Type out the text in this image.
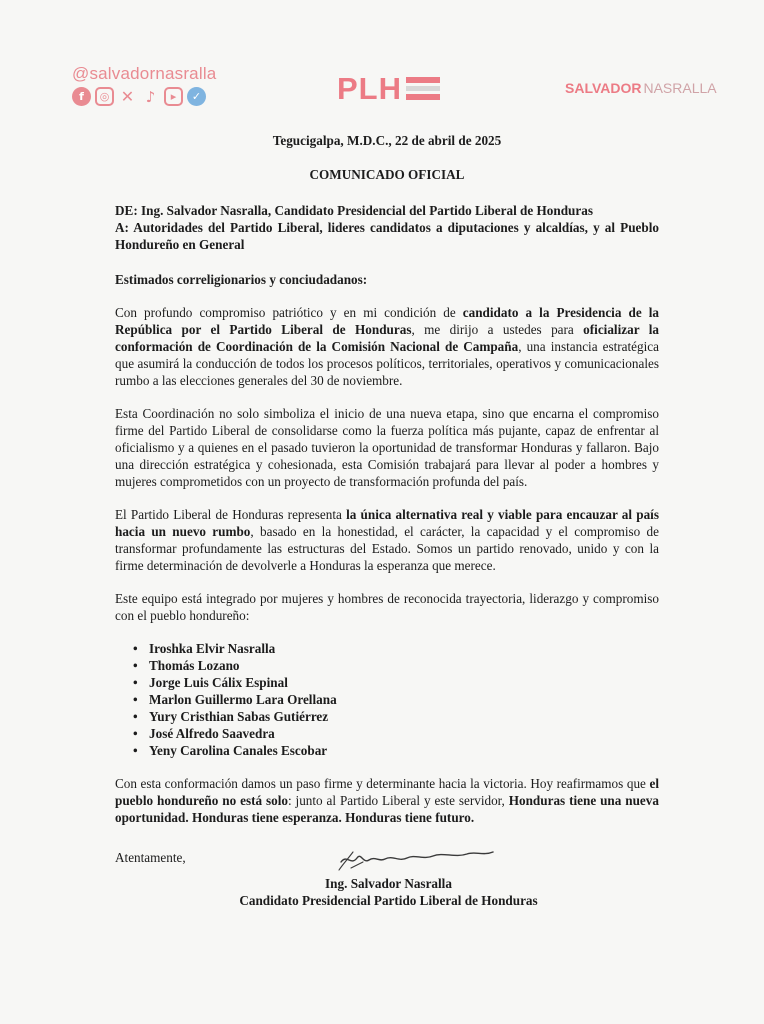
@salvadornasralla
f	◎ ✕ ♪	▸	✓	PLH	SALVADOR NASRALLA
Tegucigalpa, M.D.C., 22 de abril de 2025
COMUNICADO OFICIAL
DE: Ing. Salvador Nasralla, Candidato Presidencial del Partido Liberal de Honduras
A: Autoridades del Partido Liberal, lideres candidatos a diputaciones y alcaldías, y al Pueblo Hondureño en General
Estimados correligionarios y conciudadanos:
Con profundo compromiso patriótico y en mi condición de candidato a la Presidencia de la República por el Partido Liberal de Honduras, me dirijo a ustedes para oficializar la conformación de Coordinación de la Comisión Nacional de Campaña, una instancia estratégica que asumirá la conducción de todos los procesos políticos, territoriales, operativos y comunicacionales rumbo a las elecciones generales del 30 de noviembre.
Esta Coordinación no solo simboliza el inicio de una nueva etapa, sino que encarna el compromiso firme del Partido Liberal de consolidarse como la fuerza política más pujante, capaz de enfrentar al oficialismo y a quienes en el pasado tuvieron la oportunidad de transformar Honduras y fallaron. Bajo una dirección estratégica y cohesionada, esta Comisión trabajará para llevar al poder a hombres y mujeres comprometidos con un proyecto de transformación profunda del país.
El Partido Liberal de Honduras representa la única alternativa real y viable para encauzar al país hacia un nuevo rumbo, basado en la honestidad, el carácter, la capacidad y el compromiso de transformar profundamente las estructuras del Estado. Somos un partido renovado, unido y con la firme determinación de devolverle a Honduras la esperanza que merece.
Este equipo está integrado por mujeres y hombres de reconocida trayectoria, liderazgo y compromiso con el pueblo hondureño:
• Iroshka Elvir Nasralla
• Thomás Lozano
• Jorge Luis Cálix Espinal
• Marlon Guillermo Lara Orellana
• Yury Cristhian Sabas Gutiérrez
• José Alfredo Saavedra
• Yeny Carolina Canales Escobar
Con esta conformación damos un paso firme y determinante hacia la victoria. Hoy reafirmamos que el pueblo hondureño no está solo: junto al Partido Liberal y este servidor, Honduras tiene una nueva oportunidad. Honduras tiene esperanza. Honduras tiene futuro.
Atentamente,
Ing. Salvador Nasralla
Candidato Presidencial Partido Liberal de Honduras
